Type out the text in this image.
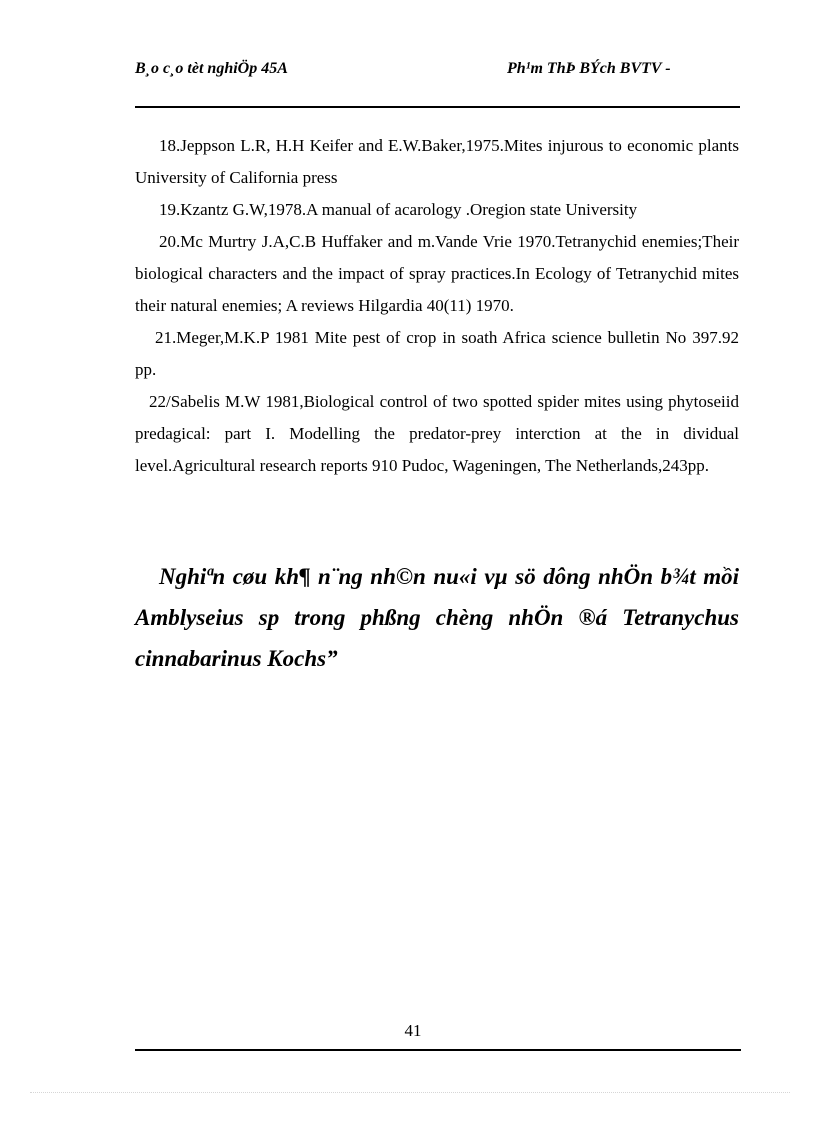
B¸o c¸o tèt nghiÖp 45A	Ph¹m ThÞ BÝch BVTV -

18.Jeppson L.R, H.H Keifer and E.W.Baker,1975.Mites injurous to economic plants University of California press

19.Kzantz G.W,1978.A manual of acarology .Oregion state University

20.Mc Murtry J.A,C.B Huffaker and m.Vande Vrie 1970.Tetranychid enemies;Their biological characters and the impact of spray practices.In Ecology of Tetranychid mites their natural enemies; A reviews Hilgardia 40(11) 1970.

21.Meger,M.K.P 1981 Mite pest of crop in soath Africa science bulletin No 397.92 pp.

22/Sabelis M.W 1981,Biological control of two spotted spider mites using phytoseiid predagical: part I. Modelling the predator-prey interction at the in dividual level.Agricultural research reports 910 Pudoc, Wageningen, The Netherlands,243pp.

Nghiªn cøu kh¶ n¨ng nh©n nu«i vµ sö dông nhÖn b¾t mồi Amblyseius sp trong phßng chèng nhÖn ®á Tetranychus cinnabarinus Kochs”
41
